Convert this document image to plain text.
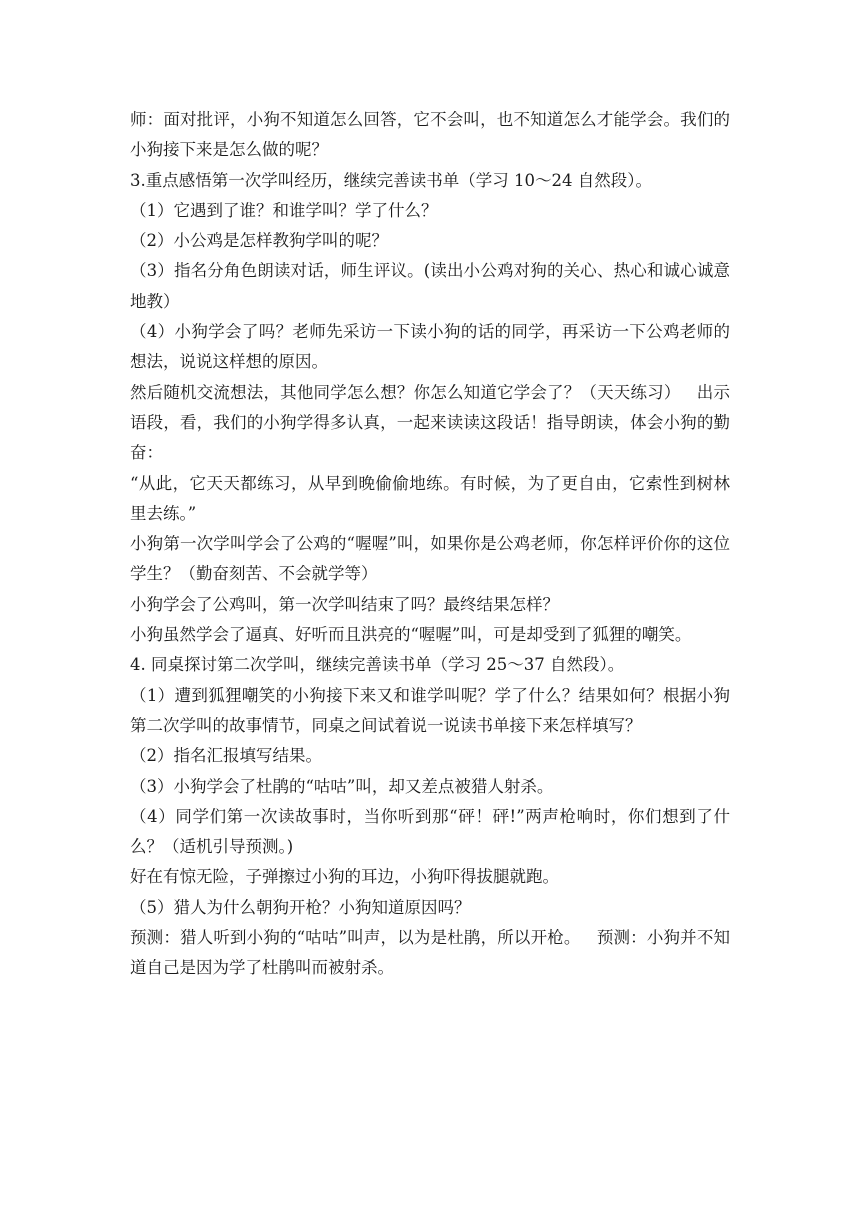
师：面对批评，小狗不知道怎么回答，它不会叫，也不知道怎么才能学会。我们的小狗接下来是怎么做的呢？

3.重点感悟第一次学叫经历，继续完善读书单（学习 10～24 自然段）。

（1）它遇到了谁？和谁学叫？学了什么？

（2）小公鸡是怎样教狗学叫的呢？

（3）指名分角色朗读对话，师生评议。(读出小公鸡对狗的关心、热心和诚心诚意地教）

（4）小狗学会了吗？老师先采访一下读小狗的话的同学，再采访一下公鸡老师的想法，说说这样想的原因。

然后随机交流想法，其他同学怎么想？你怎么知道它学会了？（天天练习）   出示语段，看，我们的小狗学得多认真，一起来读读这段话！指导朗读，体会小狗的勤奋：

“从此，它天天都练习，从早到晚偷偷地练。有时候，为了更自由，它索性到树林里去练。”

小狗第一次学叫学会了公鸡的“喔喔”叫，如果你是公鸡老师，你怎样评价你的这位学生？（勤奋刻苦、不会就学等）

小狗学会了公鸡叫，第一次学叫结束了吗？最终结果怎样？

小狗虽然学会了逼真、好听而且洪亮的“喔喔”叫，可是却受到了狐狸的嘲笑。

4. 同桌探讨第二次学叫，继续完善读书单（学习 25～37 自然段）。

（1）遭到狐狸嘲笑的小狗接下来又和谁学叫呢？学了什么？结果如何？根据小狗第二次学叫的故事情节，同桌之间试着说一说读书单接下来怎样填写？

（2）指名汇报填写结果。

（3）小狗学会了杜鹃的“咕咕”叫，却又差点被猎人射杀。

（4）同学们第一次读故事时，当你听到那“砰！砰!”两声枪响时，你们想到了什么？（适机引导预测。)

好在有惊无险，子弹擦过小狗的耳边，小狗吓得拔腿就跑。

（5）猎人为什么朝狗开枪？小狗知道原因吗？

预测：猎人听到小狗的“咕咕”叫声，以为是杜鹃，所以开枪。   预测：小狗并不知道自己是因为学了杜鹃叫而被射杀。
